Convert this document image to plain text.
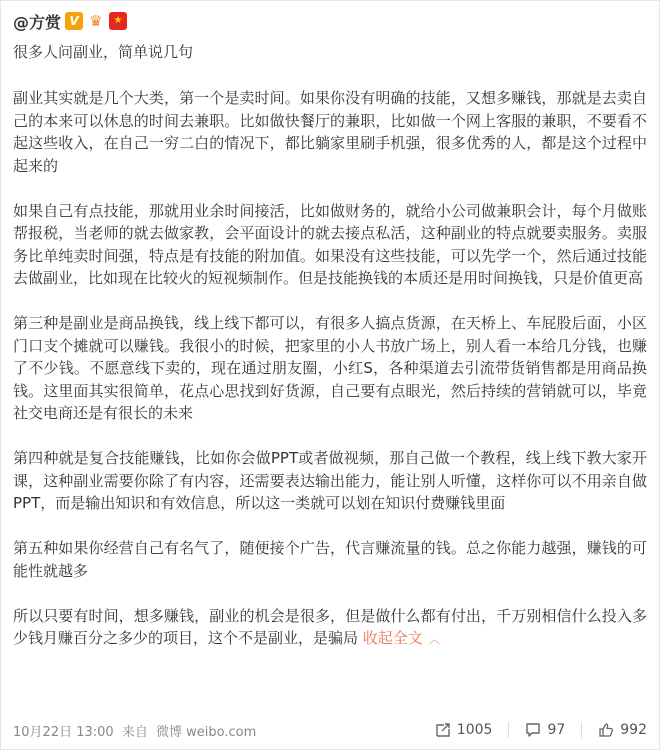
@方赏 V ♛	★
很多人问副业，简单说几句

副业其实就是几个大类，第一个是卖时间。如果你没有明确的技能，又想多赚钱，那就是去卖自己的本来可以休息的时间去兼职。比如做快餐厅的兼职，比如做一个网上客服的兼职，不要看不起这些收入，在自己一穷二白的情况下，都比躺家里刷手机强，很多优秀的人，都是这个过程中起来的

如果自己有点技能，那就用业余时间接活，比如做财务的，就给小公司做兼职会计，每个月做账帮报税，当老师的就去做家教，会平面设计的就去接点私活，这种副业的特点就要卖服务。卖服务比单纯卖时间强，特点是有技能的附加值。如果没有这些技能，可以先学一个，然后通过技能去做副业，比如现在比较火的短视频制作。但是技能换钱的本质还是用时间换钱，只是价值更高

第三种是副业是商品换钱，线上线下都可以，有很多人搞点货源，在天桥上、车屁股后面，小区门口支个摊就可以赚钱。我很小的时候，把家里的小人书放广场上，别人看一本给几分钱，也赚了不少钱。不愿意线下卖的，现在通过朋友圈，小红S，各种渠道去引流带货销售都是用商品换钱。这里面其实很简单，花点心思找到好货源，自己要有点眼光，然后持续的营销就可以，毕竟社交电商还是有很长的未来

第四种就是复合技能赚钱，比如你会做PPT或者做视频，那自己做一个教程，线上线下教大家开课，这种副业需要你除了有内容，还需要表达输出能力，能让别人听懂，这样你可以不用亲自做PPT，而是输出知识和有效信息，所以这一类就可以划在知识付费赚钱里面

第五种如果你经营自己有名气了，随便接个广告，代言赚流量的钱。总之你能力越强，赚钱的可能性就越多

所以只要有时间，想多赚钱，副业的机会是很多，但是做什么都有付出，千万别相信什么投入多少钱月赚百分之多少的项目，这个不是副业，是骗局 收起全文 ︿

10月22日 13:00 来自 微博 weibo.com	1005	97	992
